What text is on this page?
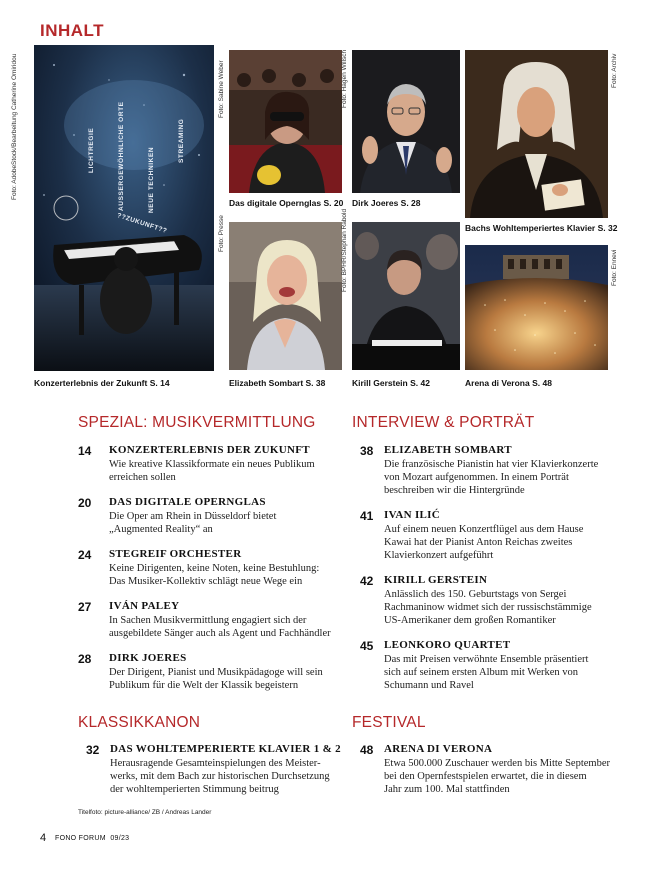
INHALT
Foto: AdobeStock/Bearbeitung Catherine Omiridou	LICHTREGIE	AUSSERGEWÖHNLICHE ORTE	NEUE TECHNIKEN
STREAMING
??ZUKUNFT??
Konzerterlebnis der Zukunft S. 14
Foto: Sabine Weber
Das digitale Opernglas S. 20
Foto: Hagen Willsch
Dirk Joeres S. 28
Foto: Archiv
Bachs Wohltemperiertes Klavier S. 32
Foto: Presse
Elizabeth Sombart S. 38
Foto: BPHR/Stephan Rabold
Kirill Gerstein S. 42
Foto: Ennevi
Arena di Verona S. 48
SPEZIAL: MUSIKVERMITTLUNG
14 KONZERTERLEBNIS DER ZUKUNFT
Wie kreative Klassikformate ein neues Publikum
erreichen sollen
20 DAS DIGITALE OPERNGLAS
Die Oper am Rhein in Düsseldorf bietet
„Augmented Reality“ an
24 STEGREIF ORCHESTER
Keine Dirigenten, keine Noten, keine Bestuhlung:
Das Musiker-Kollektiv schlägt neue Wege ein
27 IVÁN PALEY
In Sachen Musikvermittlung engagiert sich der
ausgebildete Sänger auch als Agent und Fachhändler
28 DIRK JOERES
Der Dirigent, Pianist und Musikpädagoge will sein
Publikum für die Welt der Klassik begeistern
KLASSIKKANON
32 DAS WOHLTEMPERIERTE KLAVIER 1 & 2
Herausragende Gesamteinspielungen des Meister-
werks, mit dem Bach zur historischen Durchsetzung
der wohltemperierten Stimmung beitrug
INTERVIEW & PORTRÄT
38 ELIZABETH SOMBART
Die französische Pianistin hat vier Klavierkonzerte
von Mozart aufgenommen. In einem Porträt
beschreiben wir die Hintergründe
41 IVAN ILIĆ
Auf einem neuen Konzertflügel aus dem Hause
Kawai hat der Pianist Anton Reichas zweites
Klavierkonzert aufgeführt
42 KIRILL GERSTEIN
Anlässlich des 150. Geburtstags von Sergei
Rachmaninow widmet sich der russischstämmige
US-Amerikaner dem großen Romantiker
45 LEONKORO QUARTET
Das mit Preisen verwöhnte Ensemble präsentiert
sich auf seinem ersten Album mit Werken von
Schumann und Ravel
FESTIVAL
48 ARENA DI VERONA
Etwa 500.000 Zuschauer werden bis Mitte September
bei den Opernfestspielen erwartet, die in diesem
Jahr zum 100. Mal stattfinden
Titelfoto: picture-alliance/ ZB / Andreas Lander
4 FONO FORUM  09/23
